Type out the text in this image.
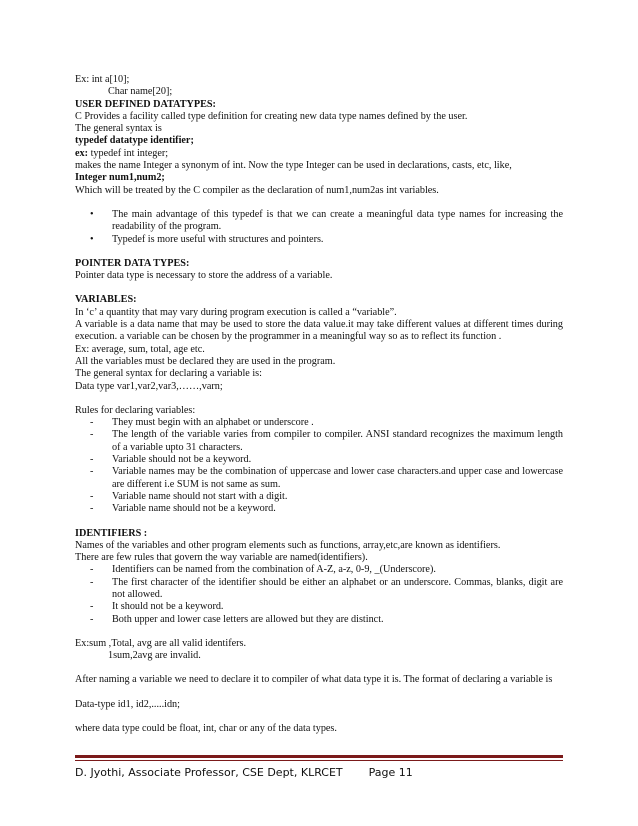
Ex: int a[10];
Char name[20];
USER DEFINED DATATYPES:
C Provides a facility called type definition for creating new data type names defined by the user.
The general syntax is
typedef datatype identifier;
ex: typedef int integer;
makes the name Integer a synonym of int. Now the type Integer can be used in declarations, casts, etc, like,
Integer num1,num2;
Which will be treated by the C compiler as the declaration of num1,num2as int variables.
• The main advantage of this typedef is that we can create a meaningful data type names for increasing the readability of the program.
• Typedef is more useful with structures and pointers.
POINTER DATA TYPES:
Pointer data type is necessary to store the address of a variable.
VARIABLES:
In ‘c’ a quantity that may vary during program execution is called a “variable”.
A variable is a data name that may be used to store the data value.it may take different values at different times during execution. a variable can be chosen by the programmer in a meaningful way so as to reflect its function .
Ex: average, sum, total, age etc.
All the variables must be declared they are used in the program.
The general syntax for declaring a variable is:
Data type var1,var2,var3,……,varn;
Rules for declaring variables:
- They must begin with an alphabet or underscore .
- The length of the variable varies from compiler to compiler. ANSI standard recognizes the maximum length of a variable upto 31 characters.
- Variable should not be a keyword.
- Variable names may be the combination of uppercase and lower case characters.and upper case and lowercase are different i.e SUM is not same as sum.
- Variable name should not start with a digit.
- Variable name should not be a keyword.
IDENTIFIERS :
Names of the variables and other program elements such as functions, array,etc,are known as identifiers.
There are few rules that govern the way variable are named(identifiers).
- Identifiers can be named from the combination of A-Z, a-z, 0-9, _(Underscore).
- The first character of the identifier should be either an alphabet or an underscore. Commas, blanks, digit are not allowed.
- It should not be a keyword.
- Both upper and lower case letters are allowed but they are distinct.
Ex:sum ,Total, avg are all valid identifers.
1sum,2avg are invalid.
After naming a variable we need to declare it to compiler of what data type it is. The format of declaring a variable is
Data-type id1, id2,.....idn;
where data type could be float, int, char or any of the data types.
D. Jyothi, Associate Professor, CSE Dept, KLRCET Page 11
